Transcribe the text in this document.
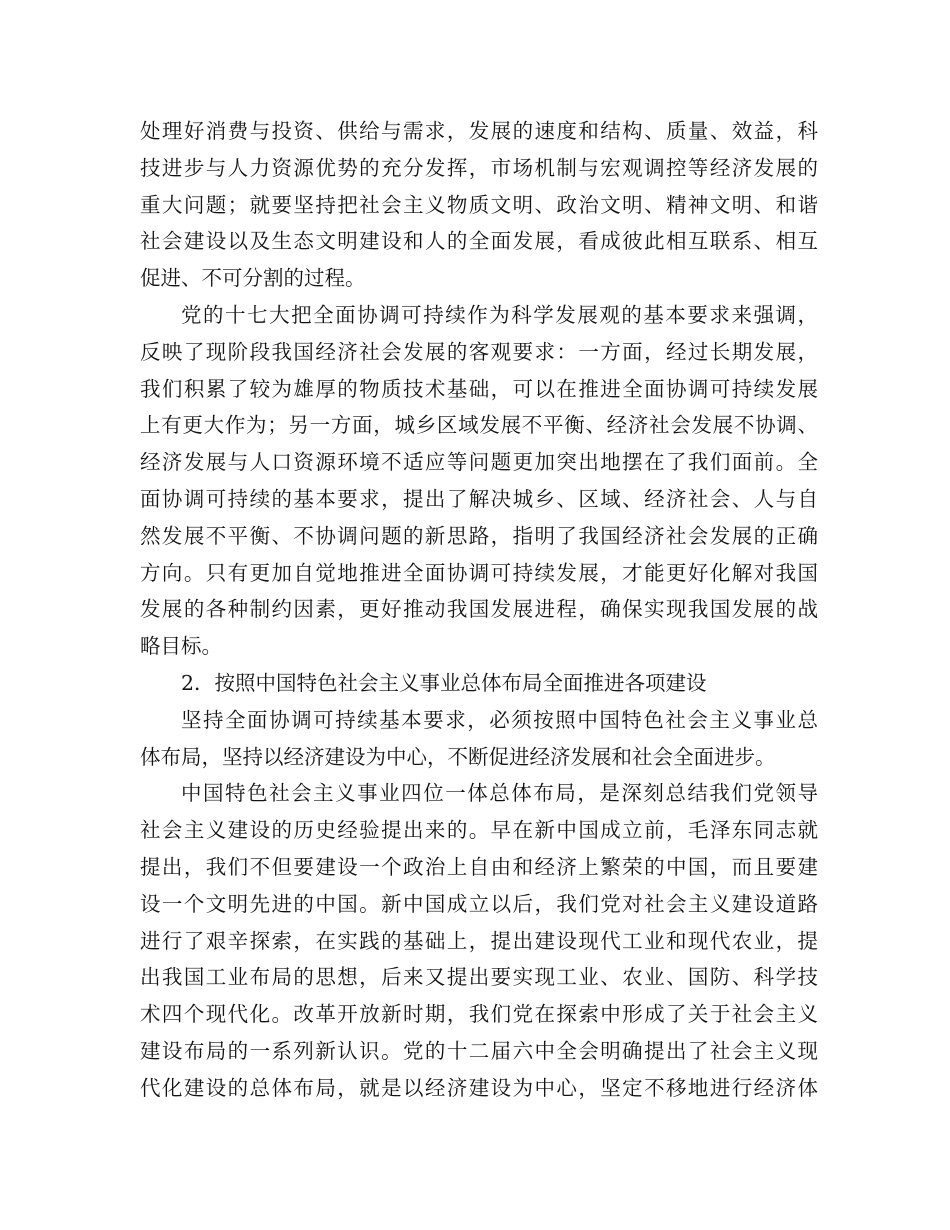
处理好消费与投资、供给与需求，发展的速度和结构、质量、效益，科
技进步与人力资源优势的充分发挥，市场机制与宏观调控等经济发展的
重大问题；就要坚持把社会主义物质文明、政治文明、精神文明、和谐
社会建设以及生态文明建设和人的全面发展，看成彼此相互联系、相互
促进、不可分割的过程。
党的十七大把全面协调可持续作为科学发展观的基本要求来强调，
反映了现阶段我国经济社会发展的客观要求：一方面，经过长期发展，
我们积累了较为雄厚的物质技术基础，可以在推进全面协调可持续发展
上有更大作为；另一方面，城乡区域发展不平衡、经济社会发展不协调、
经济发展与人口资源环境不适应等问题更加突出地摆在了我们面前。全
面协调可持续的基本要求，提出了解决城乡、区域、经济社会、人与自
然发展不平衡、不协调问题的新思路，指明了我国经济社会发展的正确
方向。只有更加自觉地推进全面协调可持续发展，才能更好化解对我国
发展的各种制约因素，更好推动我国发展进程，确保实现我国发展的战
略目标。
2．按照中国特色社会主义事业总体布局全面推进各项建设
坚持全面协调可持续基本要求，必须按照中国特色社会主义事业总
体布局，坚持以经济建设为中心，不断促进经济发展和社会全面进步。
中国特色社会主义事业四位一体总体布局，是深刻总结我们党领导
社会主义建设的历史经验提出来的。早在新中国成立前，毛泽东同志就
提出，我们不但要建设一个政治上自由和经济上繁荣的中国，而且要建
设一个文明先进的中国。新中国成立以后，我们党对社会主义建设道路
进行了艰辛探索，在实践的基础上，提出建设现代工业和现代农业，提
出我国工业布局的思想，后来又提出要实现工业、农业、国防、科学技
术四个现代化。改革开放新时期，我们党在探索中形成了关于社会主义
建设布局的一系列新认识。党的十二届六中全会明确提出了社会主义现
代化建设的总体布局，就是以经济建设为中心，坚定不移地进行经济体
